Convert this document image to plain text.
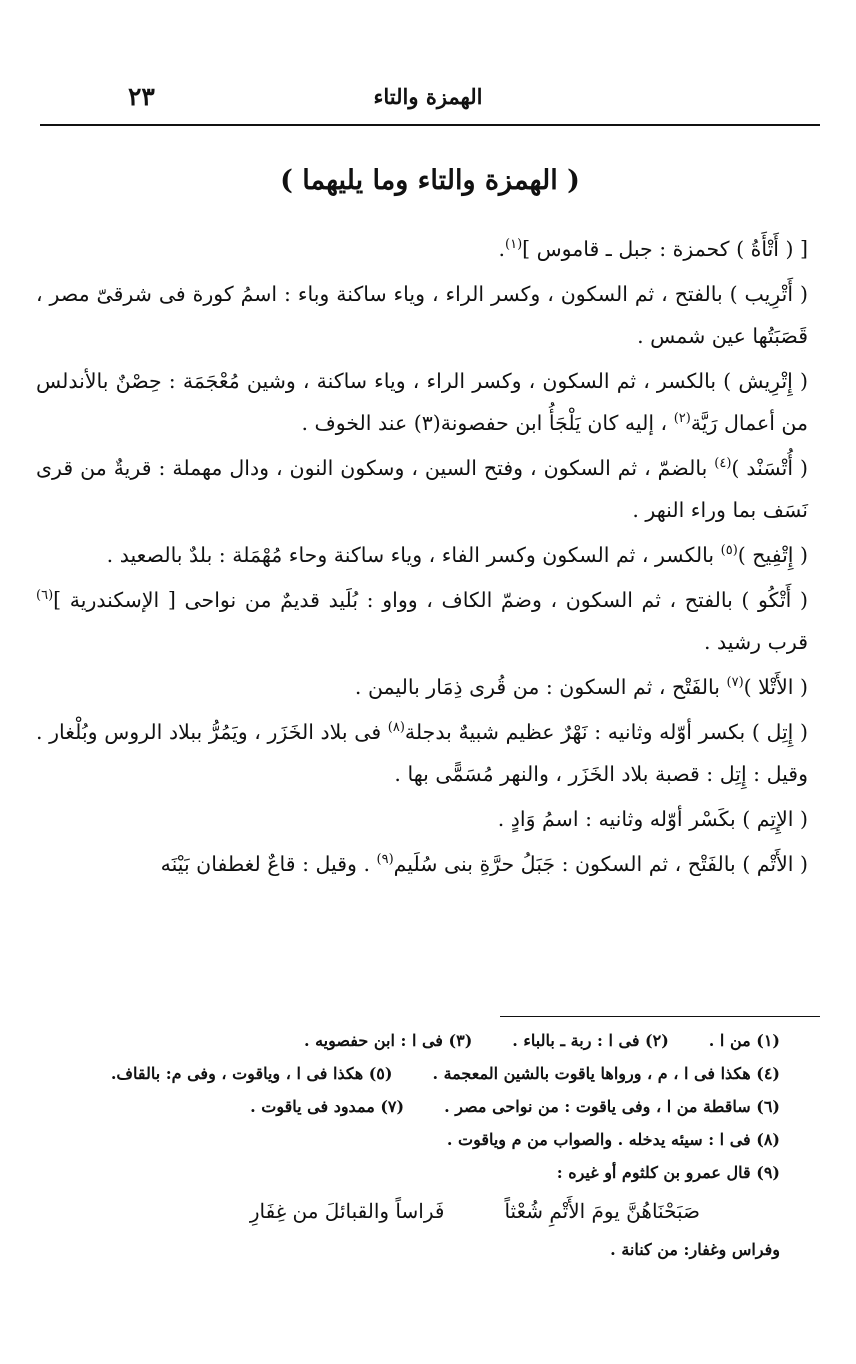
الهمزة والتاء
٢٣
( الهمزة والتاء وما يليهما )

[ ( أَتْأَةُ ) كحمزة : جبل ـ قاموس ]$^{(١)}$.

( أَتْرِيب ) بالفتح ، ثم السكون ، وكسر الراء ، وياء ساكنة وباء : اسمُ كورة فى شرقىّ مصر ، قَصَبَتُها عين شمس .

( إِتْرِيش ) بالكسر ، ثم السكون ، وكسر الراء ، وياء ساكنة ، وشين مُعْجَمَة : حِصْنٌ بالأندلس من أعمال رَيَّة$^{(٢)}$ ، إليه كان يَلْجَأُ ابن حفصونة(٣) عند الخوف .

( أُتْسَنْد )$^{(٤)}$ بالضمّ ، ثم السكون ، وفتح السين ، وسكون النون ، ودال مهملة : قريةٌ من قرى نَسَف بما وراء النهر .

( إِتْفِيح )$^{(٥)}$ بالكسر ، ثم السكون وكسر الفاء ، وياء ساكنة وحاء مُهْمَلة : بلدٌ بالصعيد .

( أَتْكُو ) بالفتح ، ثم السكون ، وضمّ الكاف ، وواو : بُلَيد قديمٌ من نواحى [ الإسكندرية ]$^{(٦)}$ قرب رشيد .

( الأَتْلا )$^{(٧)}$ بالفَتْح ، ثم السكون : من قُرى ذِمَار باليمن .

( إِتِل ) بكسر أوّله وثانيه : نَهْرٌ عظيم شبيهٌ بدجلة$^{(٨)}$ فى بلاد الخَزَر ، ويَمُرُّ ببلاد الروس وبُلْغار . وقيل : إِتِل : قصبة بلاد الخَزَر ، والنهر مُسَمًّى بها .

( الإِتِم ) بكَسْر أوّله وثانيه : اسمُ وَادٍ .

( الأَتْم ) بالفَتْح ، ثم السكون : جَبَلُ حرَّةِ بنى سُلَيم$^{(٩)}$ . وقيل : قاعٌ لغطفان بَيْنَه

(١) من ا .(٢) فى ا : ربة ـ بالباء .(٣) فى ا : ابن حفصويه .
(٤) هكذا فى ا ، م ، ورواها ياقوت بالشين المعجمة .(٥) هكذا فى ا ، وياقوت ، وفى م: بالقاف.
(٦) ساقطة من ا ، وفى ياقوت : من نواحى مصر .(٧) ممدود فى ياقوت .
(٨) فى ا : سيئه يدخله . والصواب من م وياقوت .
(٩) قال عمرو بن كلثوم أو غيره :
صَبَحْنَاهُنَّ يومَ الأَتْمِ شُعْثاًفَراساً والقبائلَ من غِفَارِ
وفراس وغفار: من كنانة .
